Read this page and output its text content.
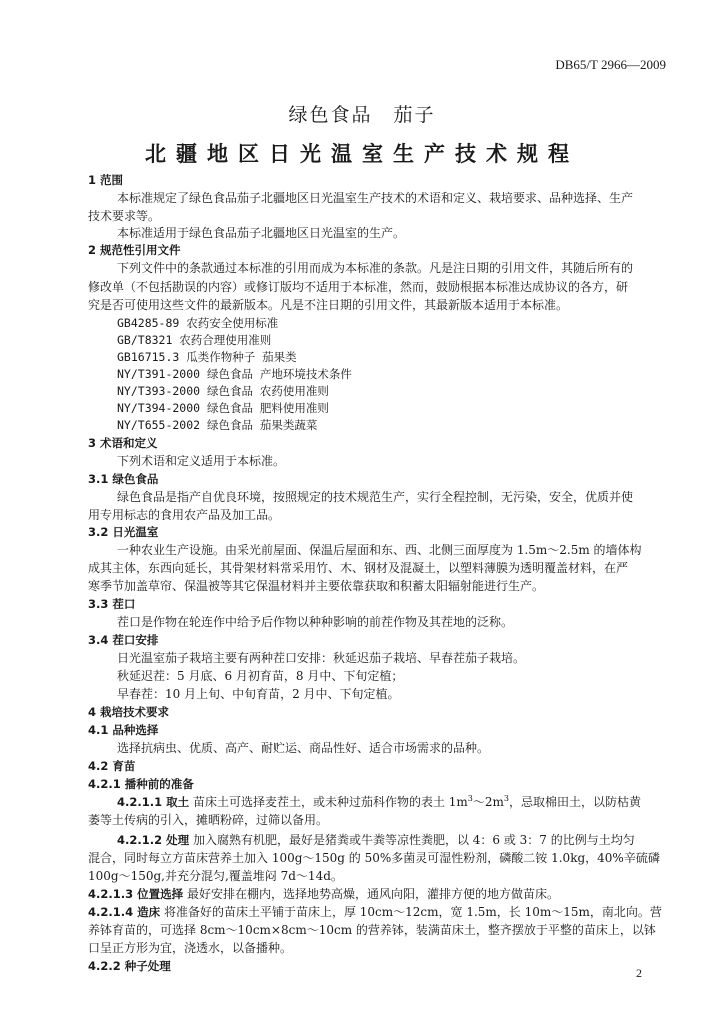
DB65/T 2966—2009
绿色食品　茄子
北疆地区日光温室生产技术规程
1 范围
本标准规定了绿色食品茄子北疆地区日光温室生产技术的术语和定义、栽培要求、品种选择、生产
技术要求等。
本标准适用于绿色食品茄子北疆地区日光温室的生产。
2 规范性引用文件
下列文件中的条款通过本标准的引用而成为本标准的条款。凡是注日期的引用文件，其随后所有的
修改单（不包括勘误的内容）或修订版均不适用于本标准，然而，鼓励根据本标准达成协议的各方，研
究是否可使用这些文件的最新版本。凡是不注日期的引用文件，其最新版本适用于本标准。
GB4285-89 农药安全使用标准
GB/T8321 农药合理使用准则
GB16715.3 瓜类作物种子 茄果类
NY/T391-2000 绿色食品 产地环境技术条件
NY/T393-2000 绿色食品 农药使用准则
NY/T394-2000 绿色食品 肥料使用准则
NY/T655-2002 绿色食品 茄果类蔬菜
3 术语和定义
下列术语和定义适用于本标准。
3.1 绿色食品
绿色食品是指产自优良环境，按照规定的技术规范生产，实行全程控制，无污染，安全，优质并使
用专用标志的食用农产品及加工品。
3.2 日光温室
一种农业生产设施。由采光前屋面、保温后屋面和东、西、北侧三面厚度为 1.5m～2.5m 的墙体构
成其主体，东西向延长，其骨架材料常采用竹、木、钢材及混凝土，以塑料薄膜为透明覆盖材料，在严
寒季节加盖草帘、保温被等其它保温材料并主要依靠获取和积蓄太阳辐射能进行生产。
3.3 茬口
茬口是作物在轮连作中给予后作物以种种影响的前茬作物及其茬地的泛称。
3.4 茬口安排
日光温室茄子栽培主要有两种茬口安排：秋延迟茄子栽培、早春茬茄子栽培。
秋延迟茬：5 月底、6 月初育苗，8 月中、下旬定植；
早春茬：10 月上旬、中旬育苗，2 月中、下旬定植。
4 栽培技术要求
4.1 品种选择
选择抗病虫、优质、高产、耐贮运、商品性好、适合市场需求的品种。
4.2 育苗
4.2.1 播种前的准备
4.2.1.1 取土 苗床土可选择麦茬土，或未种过茄科作物的表土 $1m^3\sim 2m^3$，忌取棉田土，以防枯黄
萎等土传病的引入，摊晒粉碎，过筛以备用。
4.2.1.2 处理 加入腐熟有机肥，最好是猪粪或牛粪等凉性粪肥，以 4：6 或 3：7 的比例与土均匀
混合，同时每立方苗床营养土加入 100g～150g 的 50%多菌灵可湿性粉剂，磷酸二铵 1.0kg，40%辛硫磷
100g～150g,并充分混匀,覆盖堆闷 7d～14d。
4.2.1.3 位置选择 最好安排在棚内，选择地势高燥，通风向阳，灌排方便的地方做苗床。
4.2.1.4 造床 将准备好的苗床土平铺于苗床上，厚 10cm～12cm，宽 1.5m，长 10m～15m，南北向。营
养钵育苗的，可选择 8cm～10cm×8cm～10cm 的营养钵，装满苗床土，整齐摆放于平整的苗床上，以钵
口呈正方形为宜，浇透水，以备播种。
4.2.2 种子处理	2
